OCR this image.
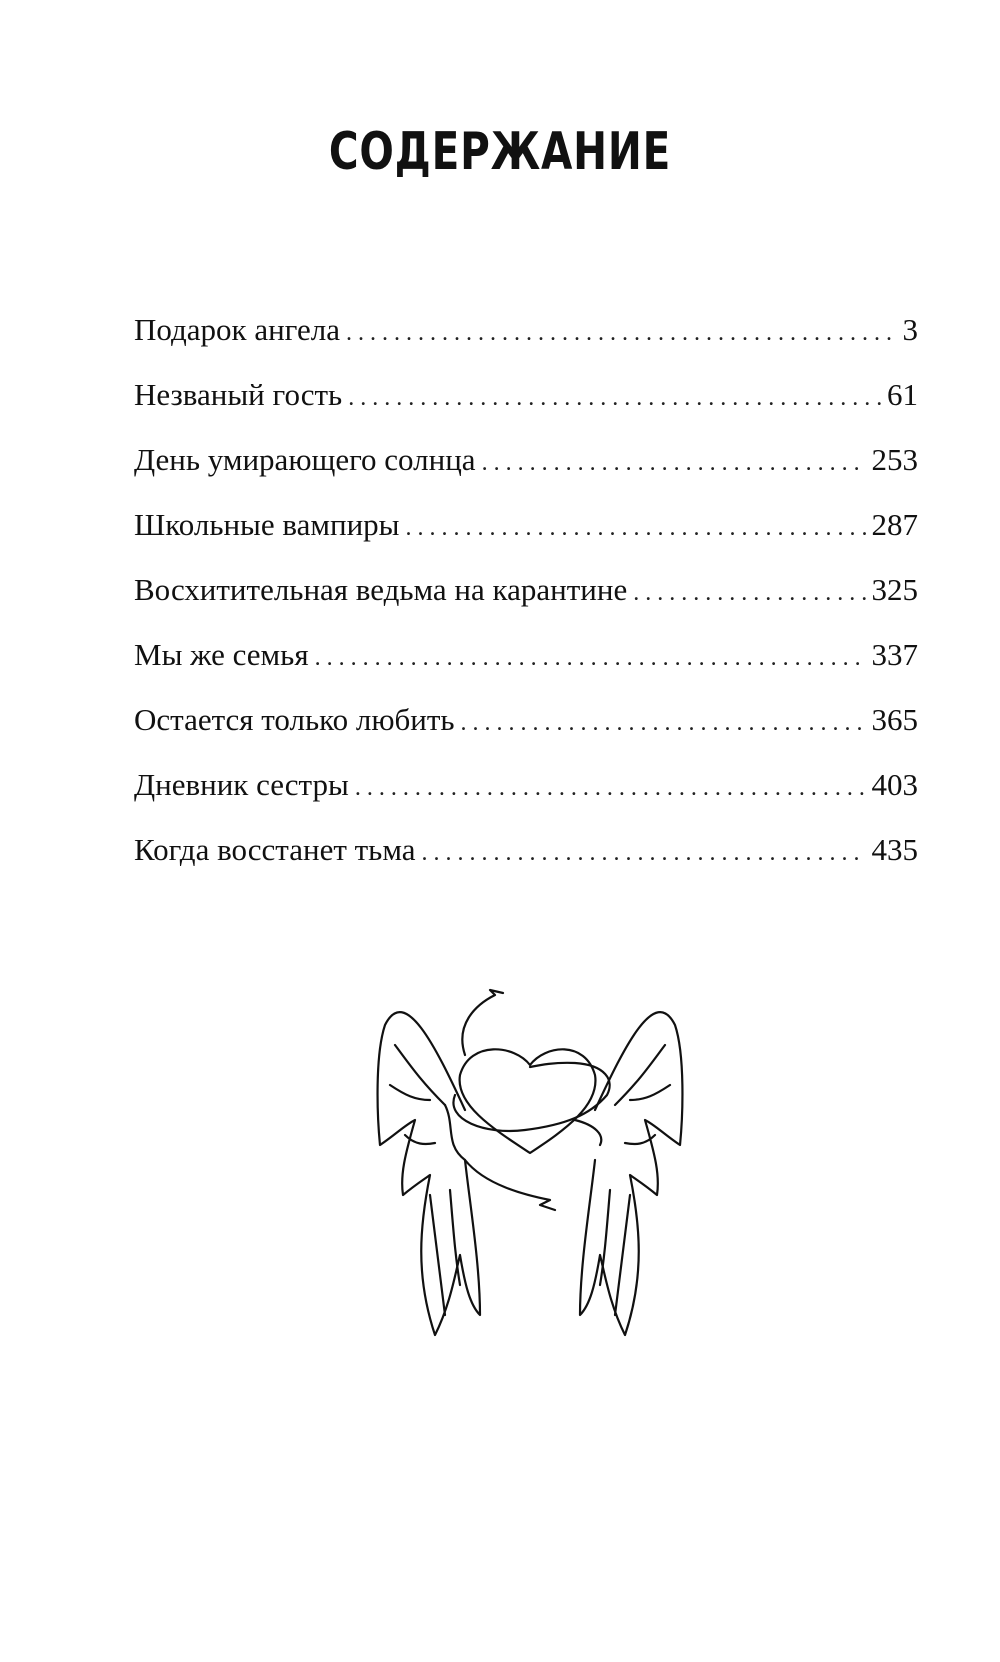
СОДЕРЖАНИЕ
Подарок ангела . . .	3
Незваный гость . . .	61
День умирающего солнца . . .	253
Школьные вампиры . . .	287
Восхитительная ведьма на карантине . . .	325
Мы же семья . . .	337
Остается только любить . . .	365
Дневник сестры . . .	403
Когда восстанет тьма . . .	435
